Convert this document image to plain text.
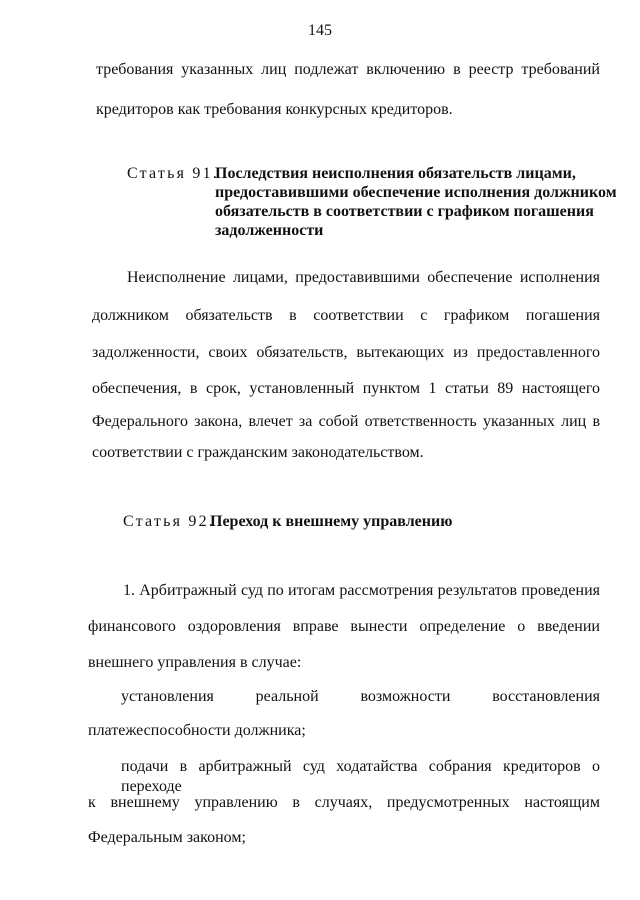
145
требования указанных лиц подлежат включению в реестр требований
кредиторов как требования конкурсных кредиторов.
Статья 91.
Последствия неисполнения обязательств лицами,
предоставившими обеспечение исполнения должником
обязательств в соответствии с графиком погашения
задолженности
Неисполнение лицами, предоставившими обеспечение исполнения
должником обязательств в соответствии с графиком погашения
задолженности, своих обязательств, вытекающих из предоставленного
обеспечения, в срок, установленный пунктом 1 статьи 89 настоящего
Федерального закона, влечет за собой ответственность указанных лиц в
соответствии с гражданским законодательством.
Статья 92.
Переход к внешнему управлению
1. Арбитражный суд по итогам рассмотрения результатов проведения
финансового оздоровления вправе вынести определение о введении
внешнего управления в случае:
установления реальной возможности восстановления
платежеспособности должника;
подачи в арбитражный суд ходатайства собрания кредиторов о переходе
к внешнему управлению в случаях, предусмотренных настоящим
Федеральным законом;
